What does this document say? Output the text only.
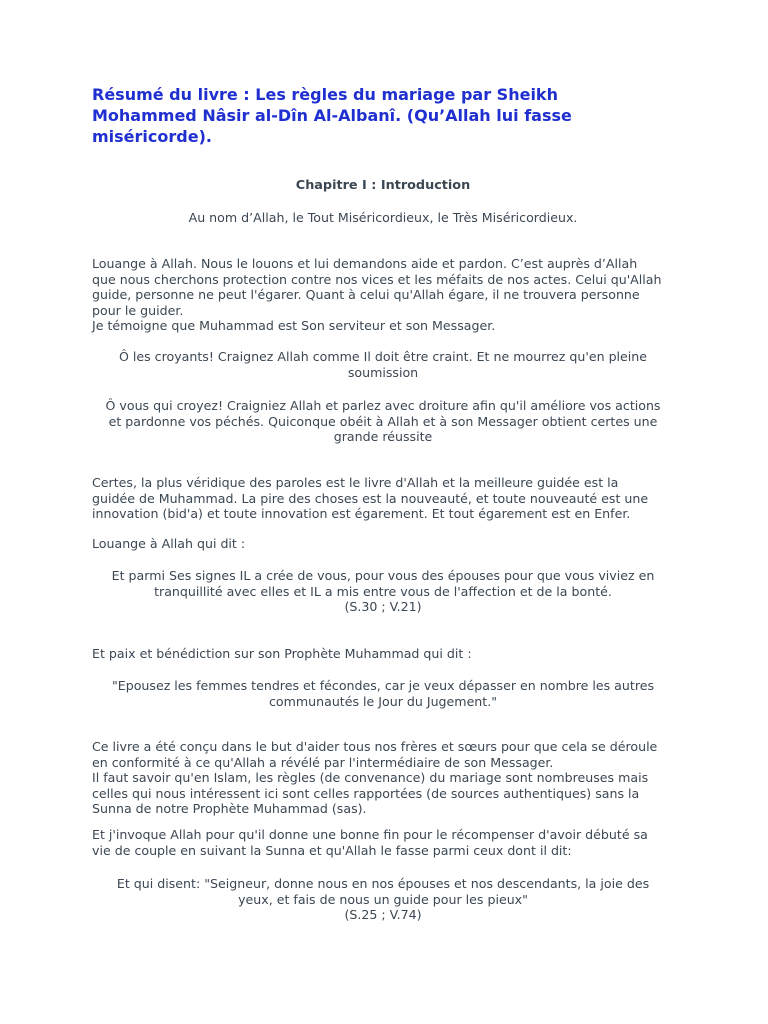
Résumé du livre : Les règles du mariage par Sheikh Mohammed Nâsir al-Dîn Al-Albanî. (Qu’Allah lui fasse miséricorde).
Chapitre I : Introduction
Au nom d’Allah, le Tout Miséricordieux, le Très Miséricordieux.
Louange à Allah. Nous le louons et lui demandons aide et pardon. C’est auprès d’Allah
que nous cherchons protection contre nos vices et les méfaits de nos actes. Celui qu'Allah
guide, personne ne peut l'égarer. Quant à celui qu'Allah égare, il ne trouvera personne
pour le guider.
Je témoigne que Muhammad est Son serviteur et son Messager.
Ô les croyants! Craignez Allah comme Il doit être craint. Et ne mourrez qu'en pleine
soumission
Ô vous qui croyez! Craigniez Allah et parlez avec droiture afin qu'il améliore vos actions
et pardonne vos péchés. Quiconque obéit à Allah et à son Messager obtient certes une
grande réussite
Certes, la plus véridique des paroles est le livre d'Allah et la meilleure guidée est la
guidée de Muhammad. La pire des choses est la nouveauté, et toute nouveauté est une
innovation (bid'a) et toute innovation est égarement. Et tout égarement est en Enfer.
Louange à Allah qui dit :
Et parmi Ses signes IL a crée de vous, pour vous des épouses pour que vous viviez en
tranquillité avec elles et IL a mis entre vous de l'affection et de la bonté.
(S.30 ; V.21)
Et paix et bénédiction sur son Prophète Muhammad qui dit :
"Epousez les femmes tendres et fécondes, car je veux dépasser en nombre les autres
communautés le Jour du Jugement."
Ce livre a été conçu dans le but d'aider tous nos frères et sœurs pour que cela se déroule
en conformité à ce qu'Allah a révélé par l'intermédiaire de son Messager.
Il faut savoir qu'en Islam, les règles (de convenance) du mariage sont nombreuses mais
celles qui nous intéressent ici sont celles rapportées (de sources authentiques) sans la
Sunna de notre Prophète Muhammad (sas).
Et j'invoque Allah pour qu'il donne une bonne fin pour le récompenser d'avoir débuté sa
vie de couple en suivant la Sunna et qu'Allah le fasse parmi ceux dont il dit:
Et qui disent: "Seigneur, donne nous en nos épouses et nos descendants, la joie des
yeux, et fais de nous un guide pour les pieux"
(S.25 ; V.74)
